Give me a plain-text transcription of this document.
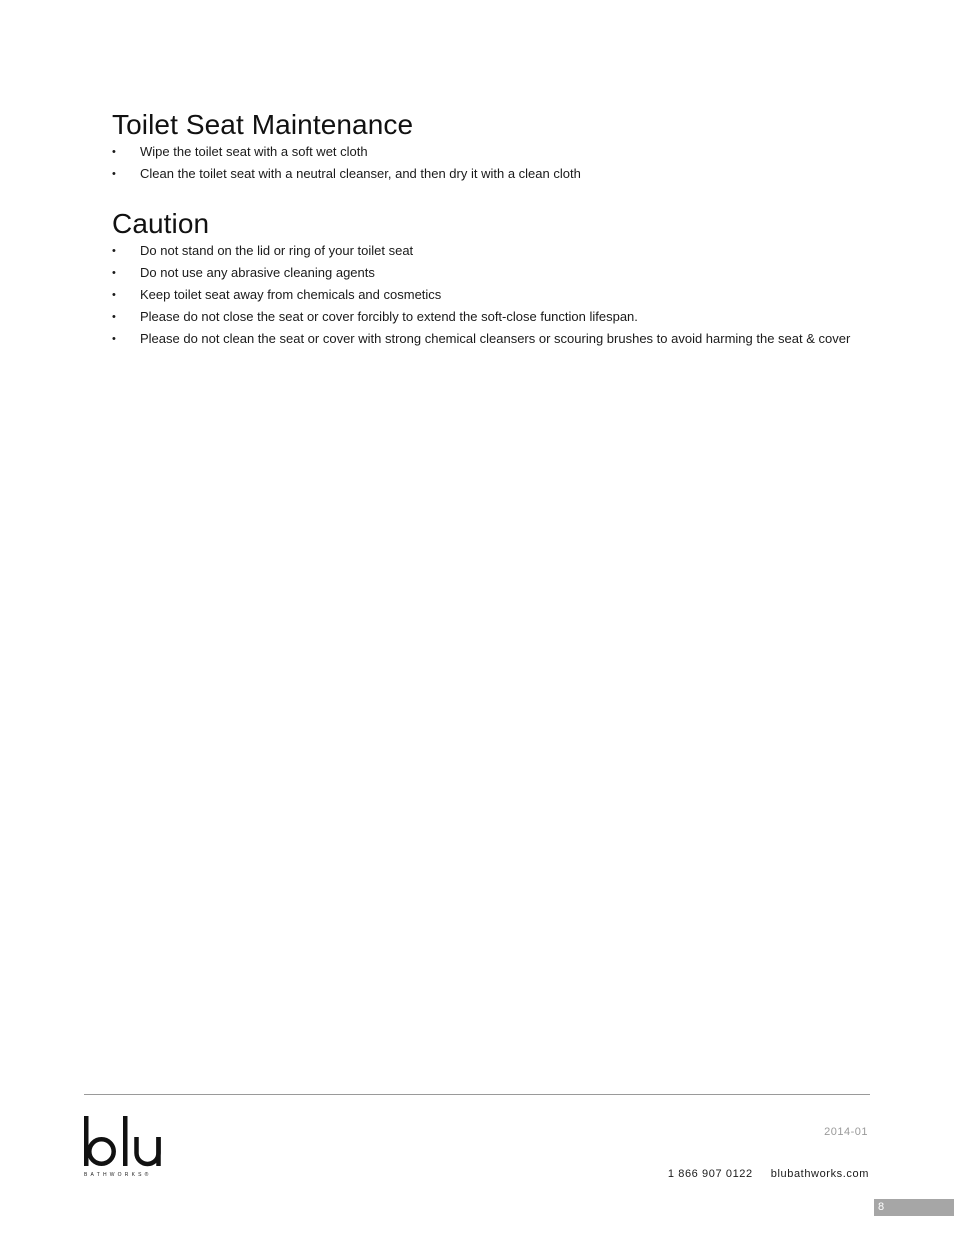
Toilet Seat Maintenance
• Wipe the toilet seat with a soft wet cloth
• Clean the toilet seat with a neutral cleanser, and then dry it with a clean cloth
Caution
• Do not stand on the lid or ring of your toilet seat
• Do not use any abrasive cleaning agents
• Keep toilet seat away from chemicals and cosmetics
• Please do not close the seat or cover forcibly to extend the soft-close function lifespan.
• Please do not clean the seat or cover with strong chemical cleansers or scouring brushes to avoid harming the seat & cover
BATHWORKS®
2014-01
1 866 907 0122 blubathworks.com
8
